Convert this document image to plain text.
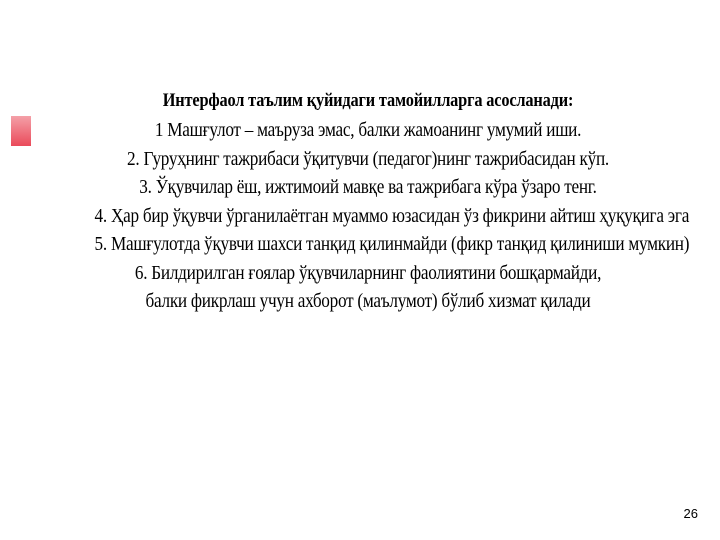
Интерфаол таълим қуйидаги тамойилларга асосланади:
1 Машғулот – маъруза эмас, балки жамоанинг умумий иши.
2. Гуруҳнинг тажрибаси ўқитувчи (педагог)нинг тажрибасидан кўп.
3. Ўқувчилар ёш, ижтимоий мавқе ва тажрибага кўра ўзаро тенг.
4. Ҳар бир ўқувчи ўрганилаётган муаммо юзасидан ўз фикрини айтиш ҳуқуқига эга
5. Машғулотда ўқувчи шахси танқид қилинмайди (фикр танқид қилиниши мумкин)
6. Билдирилган ғоялар ўқувчиларнинг фаолиятини бошқармайди,
балки фикрлаш учун ахборот (маълумот) бўлиб хизмат қилади
26
